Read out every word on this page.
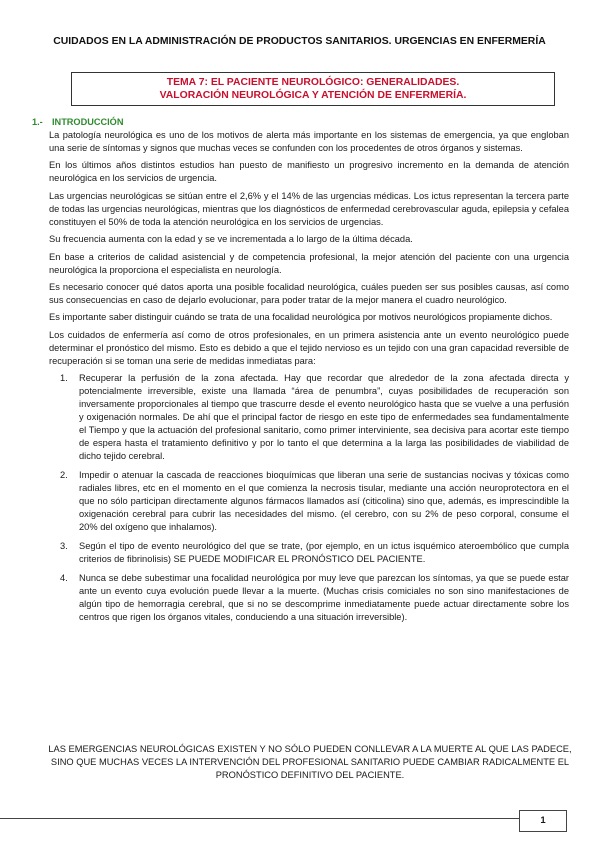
CUIDADOS EN LA ADMINISTRACIÓN DE PRODUCTOS SANITARIOS. URGENCIAS EN ENFERMERÍA
TEMA 7: EL PACIENTE NEUROLÓGICO: GENERALIDADES.
VALORACIÓN NEUROLÓGICA Y ATENCIÓN DE ENFERMERÍA.
1.- INTRODUCCIÓN

La patología neurológica es uno de los motivos de alerta más importante en los sistemas de emergencia, ya que engloban una serie de síntomas y signos que muchas veces se confunden con los procedentes de otros órganos y sistemas.

En los últimos años distintos estudios han puesto de manifiesto un progresivo incremento en la demanda de atención neurológica en los servicios de urgencia.

Las urgencias neurológicas se sitúan entre el 2,6% y el 14% de las urgencias médicas. Los ictus representan la tercera parte de todas las urgencias neurológicas, mientras que los diagnósticos de enfermedad cerebrovascular aguda, epilepsia y cefalea constituyen el 50% de toda la atención neurológica en los servicios de urgencias.

Su frecuencia aumenta con la edad y se ve incrementada a lo largo de la última década.

En base a criterios de calidad asistencial y de competencia profesional, la mejor atención del paciente con una urgencia neurológica la proporciona el especialista en neurología.

Es necesario conocer qué datos aporta una posible focalidad neurológica, cuáles pueden ser sus posibles causas, así como sus consecuencias en caso de dejarlo evolucionar, para poder tratar de la mejor manera el cuadro neurológico.

Es importante saber distinguir cuándo se trata de una focalidad neurológica por motivos neurológicos propiamente dichos.

Los cuidados de enfermería así como de otros profesionales, en un primera asistencia ante un evento neurológico puede determinar el pronóstico del mismo. Esto es debido a que el tejido nervioso es un tejido con una gran capacidad reversible de recuperación si se toman una serie de medidas inmediatas para:

1. Recuperar la perfusión de la zona afectada. Hay que recordar que alrededor de la zona afectada directa y potencialmente irreversible, existe una llamada “área de penumbra”, cuyas posibilidades de recuperación son inversamente proporcionales al tiempo que trascurre desde el evento neurológico hasta que se vuelve a una perfusión y oxigenación normales. De ahí que el principal factor de riesgo en este tipo de enfermedades sea fundamentalmente el Tiempo y que la actuación del profesional sanitario, como primer interviniente, sea decisiva para acortar este tiempo de espera hasta el tratamiento definitivo y por lo tanto el que determina a la larga las posibilidades de viabilidad de dicho tejido cerebral.
2. Impedir o atenuar la cascada de reacciones bioquímicas que liberan una serie de sustancias nocivas y tóxicas como radiales libres, etc en el momento en el que comienza la necrosis tisular, mediante una acción neuroprotectora en el que no sólo participan directamente algunos fármacos llamados así (citicolina) sino que, además, es imprescindible la oxigenación cerebral para cubrir las necesidades del mismo. (el cerebro, con su 2% de peso corporal, consume el 20% del oxígeno que inhalamos).
3. Según el tipo de evento neurológico del que se trate, (por ejemplo, en un ictus isquémico ateroembólico que cumpla criterios de fibrinolisis) SE PUEDE MODIFICAR EL PRONÓSTICO DEL PACIENTE.
4. Nunca se debe subestimar una focalidad neurológica por muy leve que parezcan los síntomas, ya que se puede estar ante un evento cuya evolución puede llevar a la muerte. (Muchas crisis comiciales no son sino manifestaciones de algún tipo de hemorragia cerebral, que si no se descomprime inmediatamente puede actuar directamente sobre los centros que rigen los órganos vitales, conduciendo a una situación irreversible).
LAS EMERGENCIAS NEUROLÓGICAS EXISTEN Y NO SÓLO PUEDEN CONLLEVAR A LA MUERTE AL QUE LAS PADECE, SINO QUE MUCHAS VECES LA INTERVENCIÓN DEL PROFESIONAL SANITARIO PUEDE CAMBIAR RADICALMENTE EL PRONÓSTICO DEFINITIVO DEL PACIENTE.
1
